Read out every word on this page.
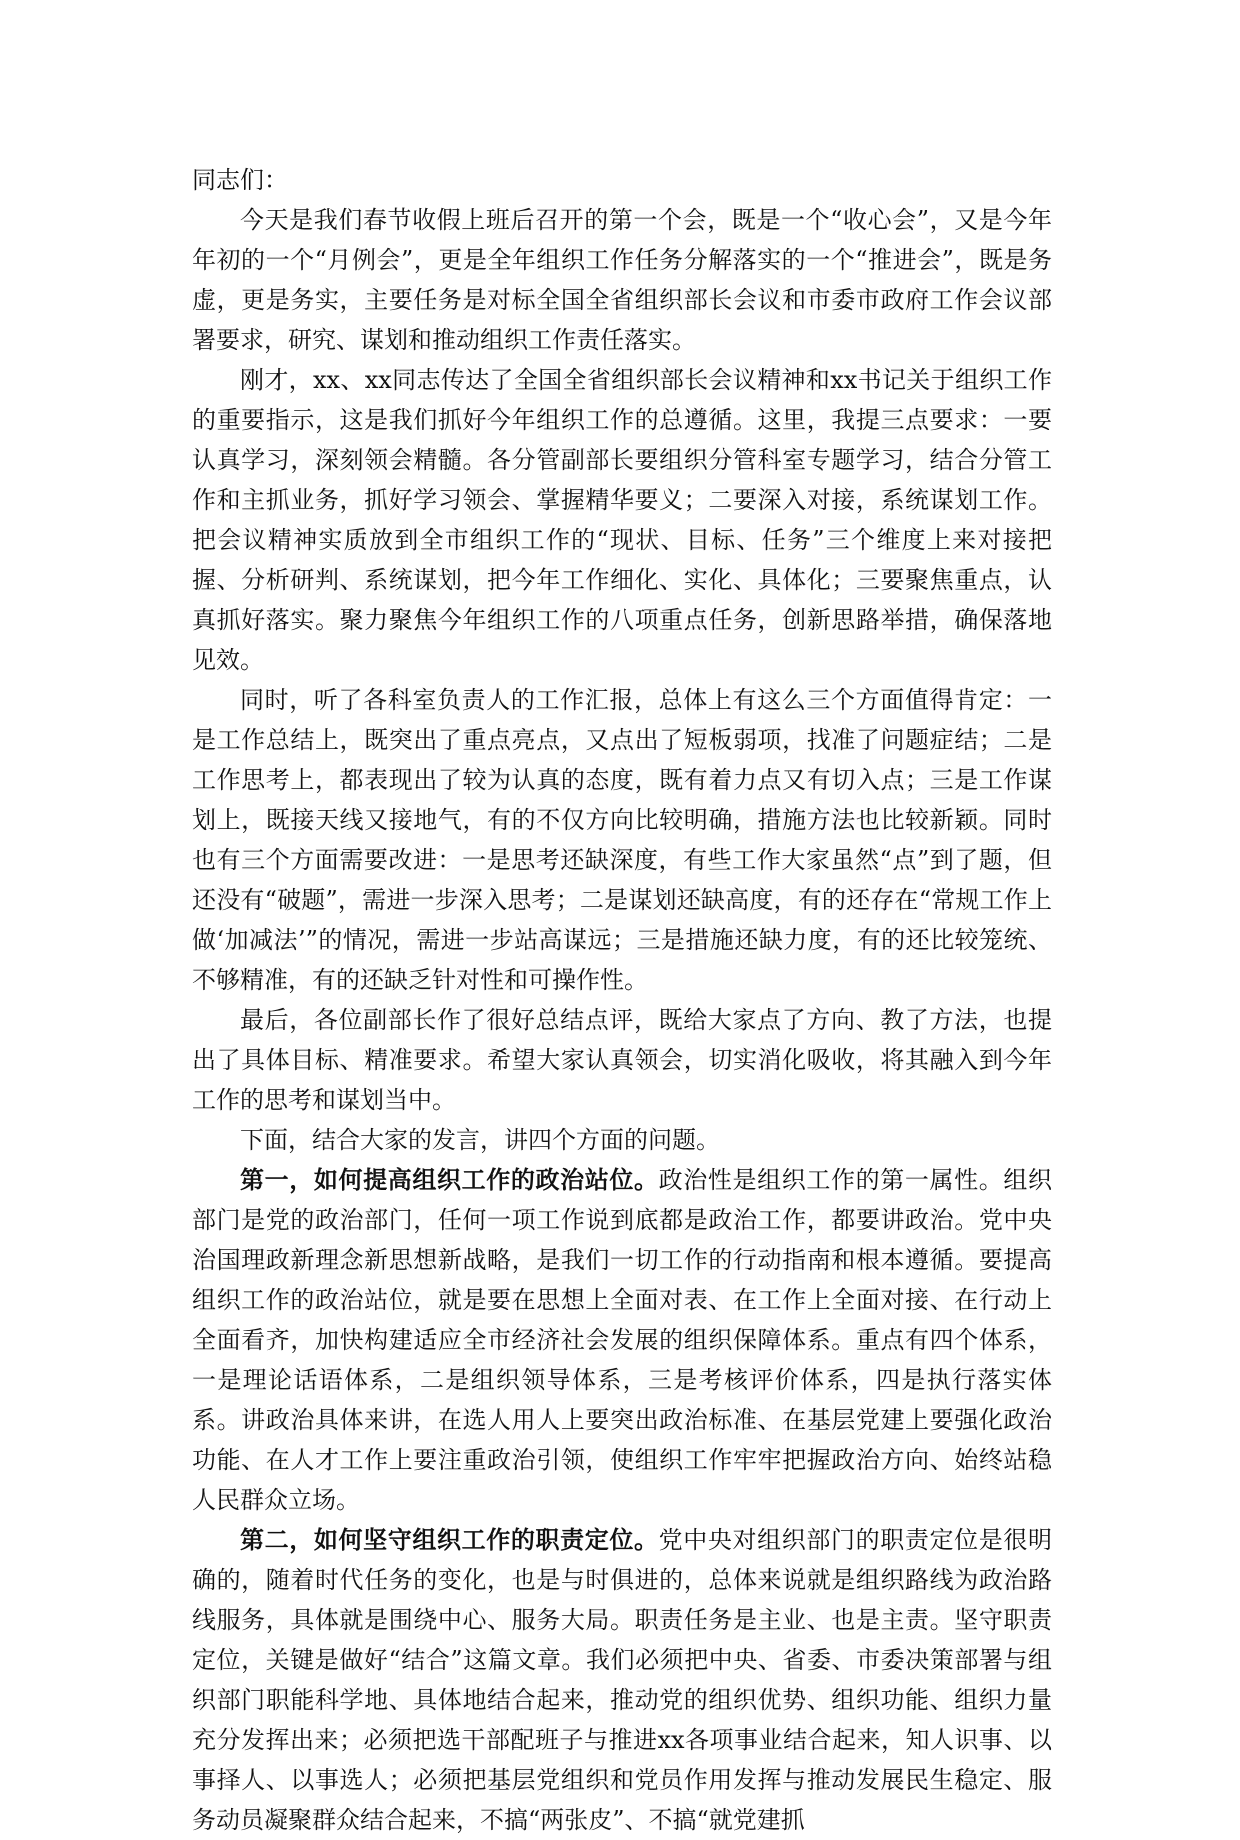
同志们：

今天是我们春节收假上班后召开的第一个会，既是一个“收心会”，又是今年年初的一个“月例会”，更是全年组织工作任务分解落实的一个“推进会”，既是务虚，更是务实，主要任务是对标全国全省组织部长会议和市委市政府工作会议部署要求，研究、谋划和推动组织工作责任落实。

刚才，xx、xx同志传达了全国全省组织部长会议精神和xx书记关于组织工作的重要指示，这是我们抓好今年组织工作的总遵循。这里，我提三点要求：一要认真学习，深刻领会精髓。各分管副部长要组织分管科室专题学习，结合分管工作和主抓业务，抓好学习领会、掌握精华要义；二要深入对接，系统谋划工作。把会议精神实质放到全市组织工作的“现状、目标、任务”三个维度上来对接把握、分析研判、系统谋划，把今年工作细化、实化、具体化；三要聚焦重点，认真抓好落实。聚力聚焦今年组织工作的八项重点任务，创新思路举措，确保落地见效。

同时，听了各科室负责人的工作汇报，总体上有这么三个方面值得肯定：一是工作总结上，既突出了重点亮点，又点出了短板弱项，找准了问题症结；二是工作思考上，都表现出了较为认真的态度，既有着力点又有切入点；三是工作谋划上，既接天线又接地气，有的不仅方向比较明确，措施方法也比较新颖。同时也有三个方面需要改进：一是思考还缺深度，有些工作大家虽然“点”到了题，但还没有“破题”，需进一步深入思考；二是谋划还缺高度，有的还存在“常规工作上做‘加减法’”的情况，需进一步站高谋远；三是措施还缺力度，有的还比较笼统、不够精准，有的还缺乏针对性和可操作性。

最后，各位副部长作了很好总结点评，既给大家点了方向、教了方法，也提出了具体目标、精准要求。希望大家认真领会，切实消化吸收，将其融入到今年工作的思考和谋划当中。

下面，结合大家的发言，讲四个方面的问题。

第一，如何提高组织工作的政治站位。政治性是组织工作的第一属性。组织部门是党的政治部门，任何一项工作说到底都是政治工作，都要讲政治。党中央治国理政新理念新思想新战略，是我们一切工作的行动指南和根本遵循。要提高组织工作的政治站位，就是要在思想上全面对表、在工作上全面对接、在行动上全面看齐，加快构建适应全市经济社会发展的组织保障体系。重点有四个体系，一是理论话语体系，二是组织领导体系，三是考核评价体系，四是执行落实体系。讲政治具体来讲，在选人用人上要突出政治标准、在基层党建上要强化政治功能、在人才工作上要注重政治引领，使组织工作牢牢把握政治方向、始终站稳人民群众立场。

第二，如何坚守组织工作的职责定位。党中央对组织部门的职责定位是很明确的，随着时代任务的变化，也是与时俱进的，总体来说就是组织路线为政治路线服务，具体就是围绕中心、服务大局。职责任务是主业、也是主责。坚守职责定位，关键是做好“结合”这篇文章。我们必须把中央、省委、市委决策部署与组织部门职能科学地、具体地结合起来，推动党的组织优势、组织功能、组织力量充分发挥出来；必须把选干部配班子与推进xx各项事业结合起来，知人识事、以事择人、以事选人；必须把基层党组织和党员作用发挥与推动发展民生稳定、服务动员凝聚群众结合起来，不搞“两张皮”、不搞“就党建抓
